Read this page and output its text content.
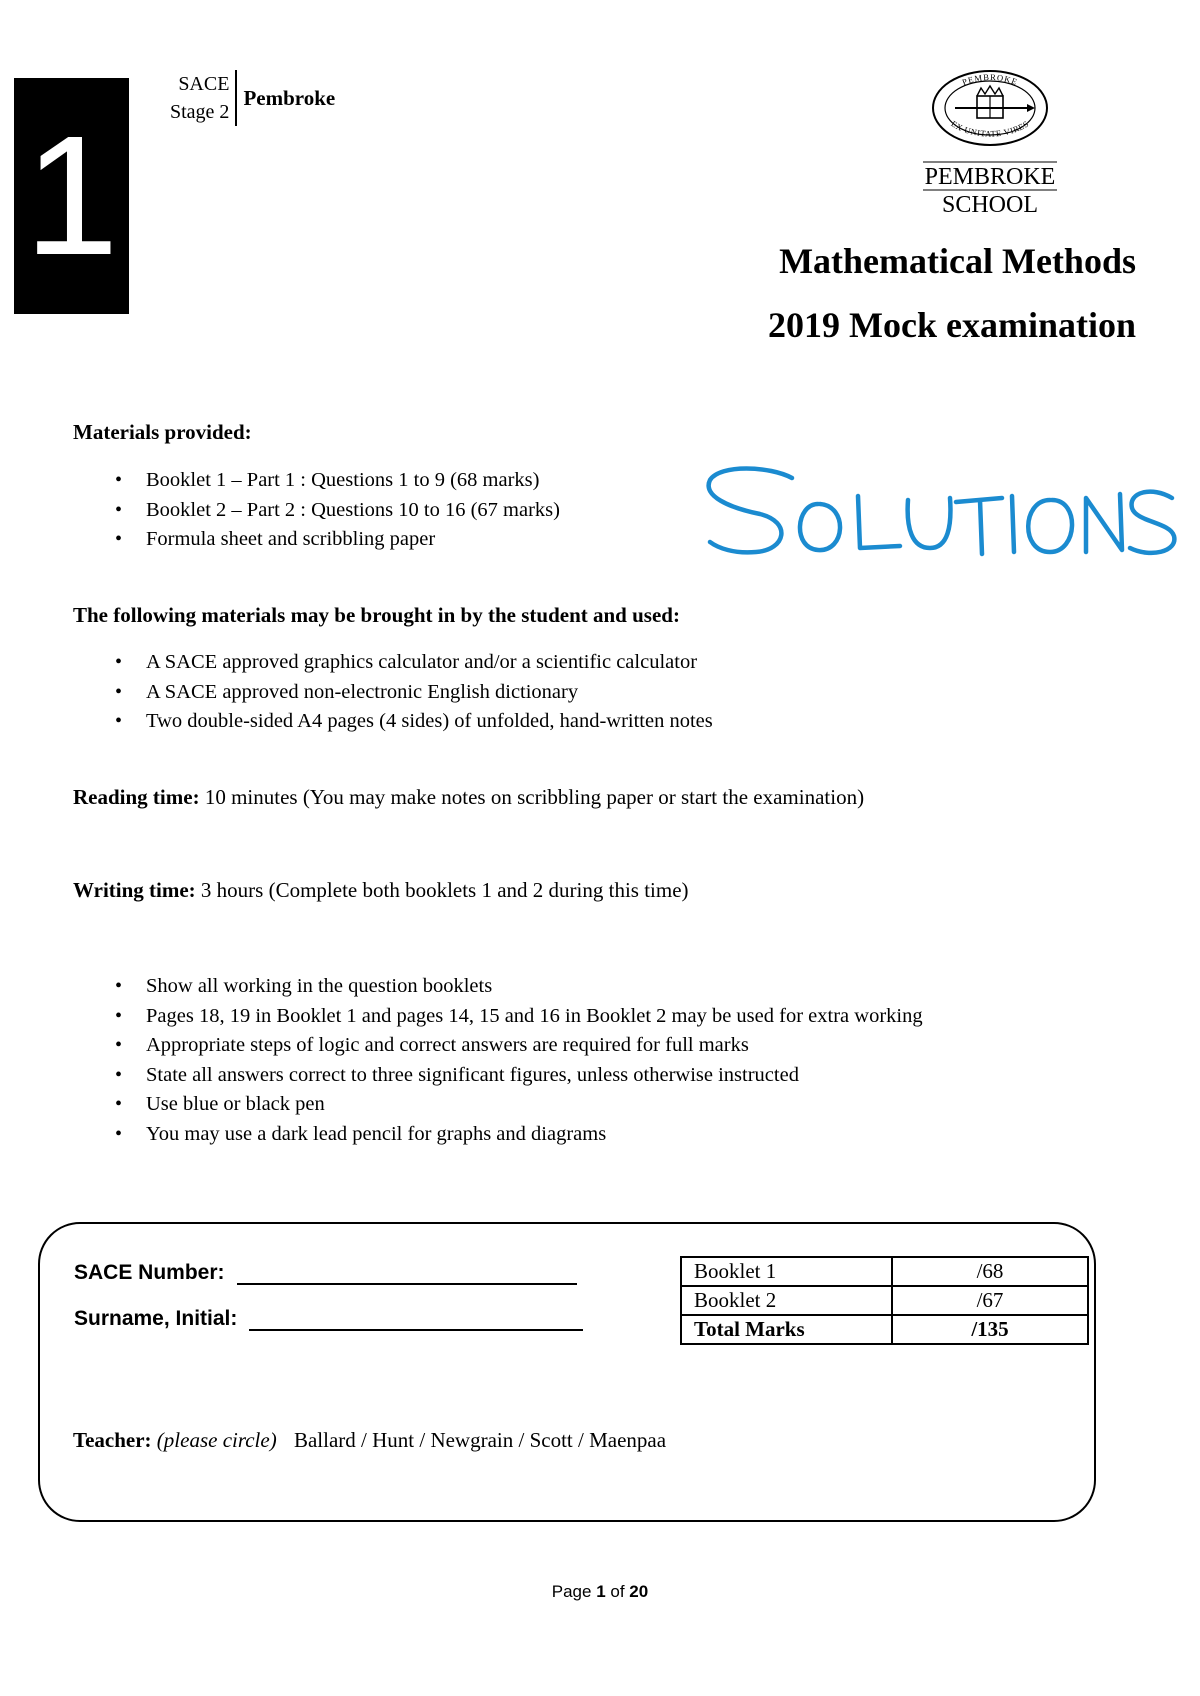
1
SACE
Stage 2
Pembroke
PEMBROKE
EX UNITATE VIRES
PEMBROKE
SCHOOL
Mathematical Methods
2019 Mock examination
Materials provided:
• Booklet 1 – Part 1 : Questions 1 to 9 (68 marks)
• Booklet 2 – Part 2 : Questions 10 to 16 (67 marks)
• Formula sheet and scribbling paper
The following materials may be brought in by the student and used:
• A SACE approved graphics calculator and/or a scientific calculator
• A SACE approved non-electronic English dictionary
• Two double-sided A4 pages (4 sides) of unfolded, hand-written notes
Reading time: 10 minutes (You may make notes on scribbling paper or start the examination)
Writing time: 3 hours (Complete both booklets 1 and 2 during this time)
• Show all working in the question booklets
• Pages 18, 19 in Booklet 1 and pages 14, 15 and 16 in Booklet 2 may be used for extra working
• Appropriate steps of logic and correct answers are required for full marks
• State all answers correct to three significant figures, unless otherwise instructed
• Use blue or black pen
• You may use a dark lead pencil for graphs and diagrams
SACE Number:
Surname, Initial:
Booklet 1	/68
Booklet 2	/67
Total Marks	/135
Teacher: (please circle) Ballard / Hunt / Newgrain / Scott / Maenpaa
Page 1 of 20
